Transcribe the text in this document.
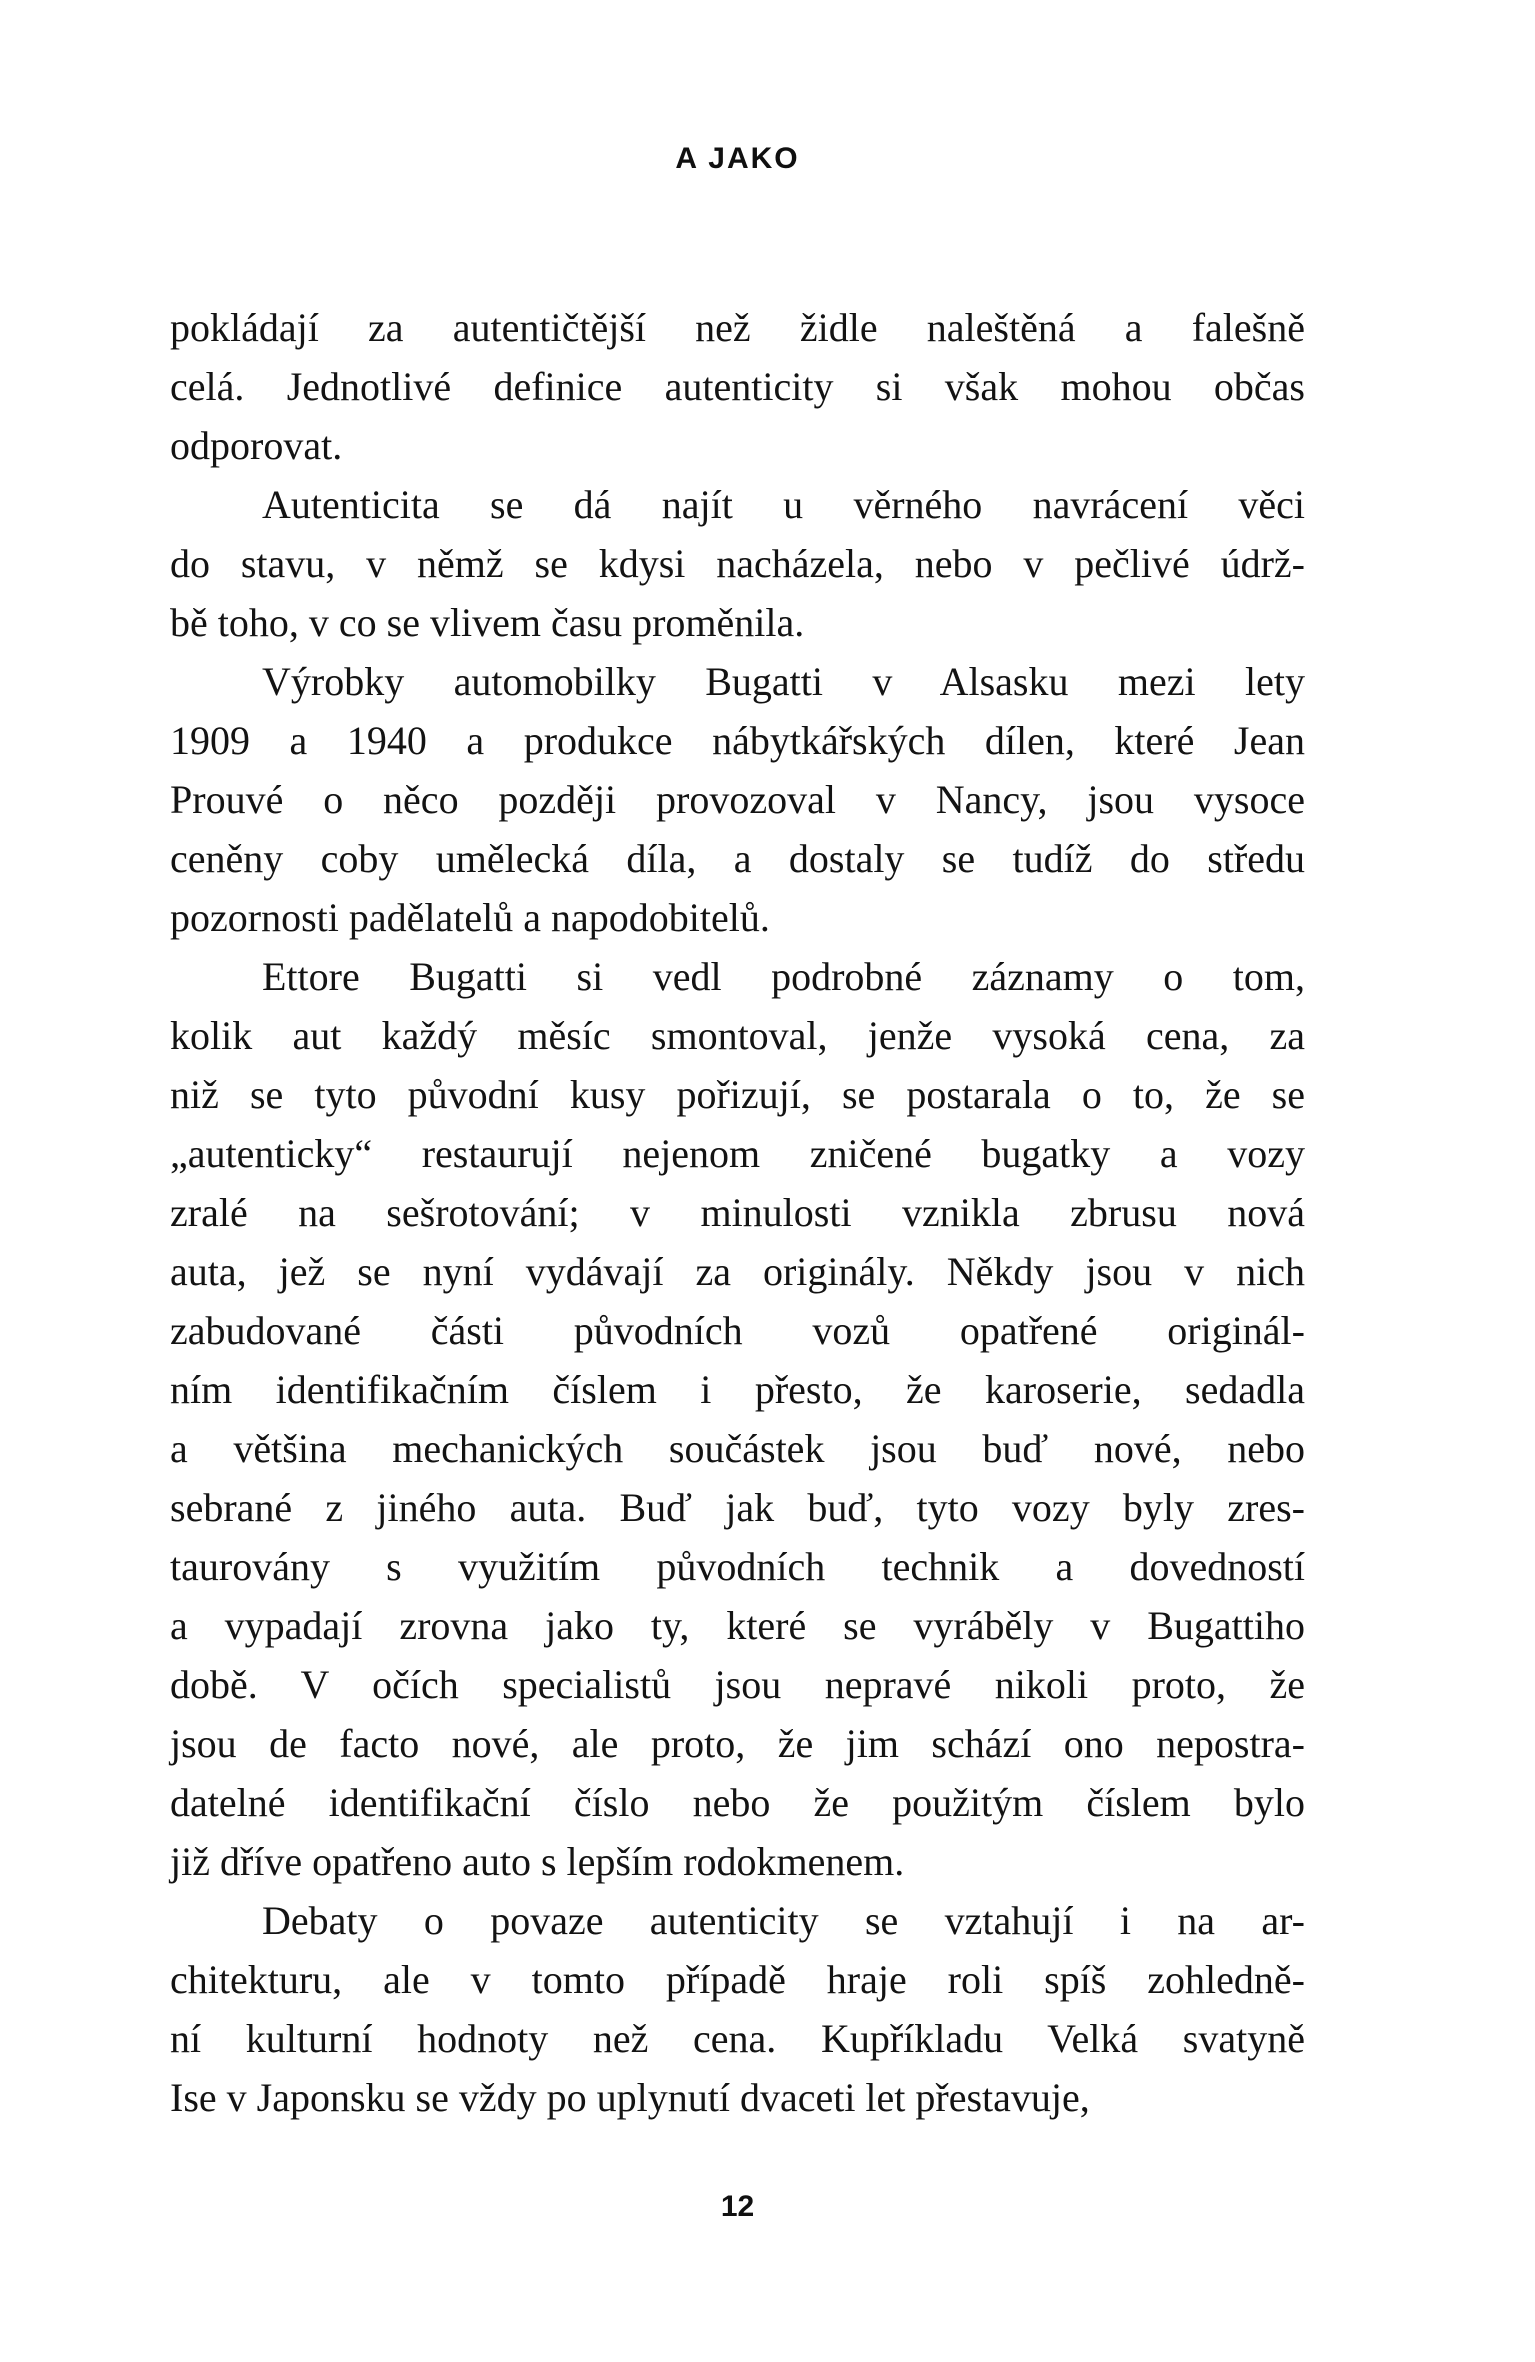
A JAKO
pokládají za autentičtější než židle naleštěná a falešně
celá. Jednotlivé definice autenticity si však mohou občas
odporovat.
Autenticita se dá najít u věrného navrácení věci
do stavu, v němž se kdysi nacházela, nebo v pečlivé údrž-
bě toho, v co se vlivem času proměnila.
Výrobky automobilky Bugatti v Alsasku mezi lety
1909 a 1940 a produkce nábytkářských dílen, které Jean
Prouvé o něco později provozoval v Nancy, jsou vysoce
ceněny coby umělecká díla, a dostaly se tudíž do středu
pozornosti padělatelů a napodobitelů.
Ettore Bugatti si vedl podrobné záznamy o tom,
kolik aut každý měsíc smontoval, jenže vysoká cena, za
niž se tyto původní kusy pořizují, se postarala o to, že se
„autenticky“ restaurují nejenom zničené bugatky a vozy
zralé na sešrotování; v minulosti vznikla zbrusu nová
auta, jež se nyní vydávají za originály. Někdy jsou v nich
zabudované části původních vozů opatřené originál-
ním identifikačním číslem i přesto, že karoserie, sedadla
a většina mechanických součástek jsou buď nové, nebo
sebrané z jiného auta. Buď jak buď, tyto vozy byly zres-
taurovány s využitím původních technik a dovedností
a vypadají zrovna jako ty, které se vyráběly v Bugattiho
době. V očích specialistů jsou nepravé nikoli proto, že
jsou de facto nové, ale proto, že jim schází ono nepostra-
datelné identifikační číslo nebo že použitým číslem bylo
již dříve opatřeno auto s lepším rodokmenem.
Debaty o povaze autenticity se vztahují i na ar-
chitekturu, ale v tomto případě hraje roli spíš zohledně-
ní kulturní hodnoty než cena. Kupříkladu Velká svatyně
Ise v Japonsku se vždy po uplynutí dvaceti let přestavuje,
12
